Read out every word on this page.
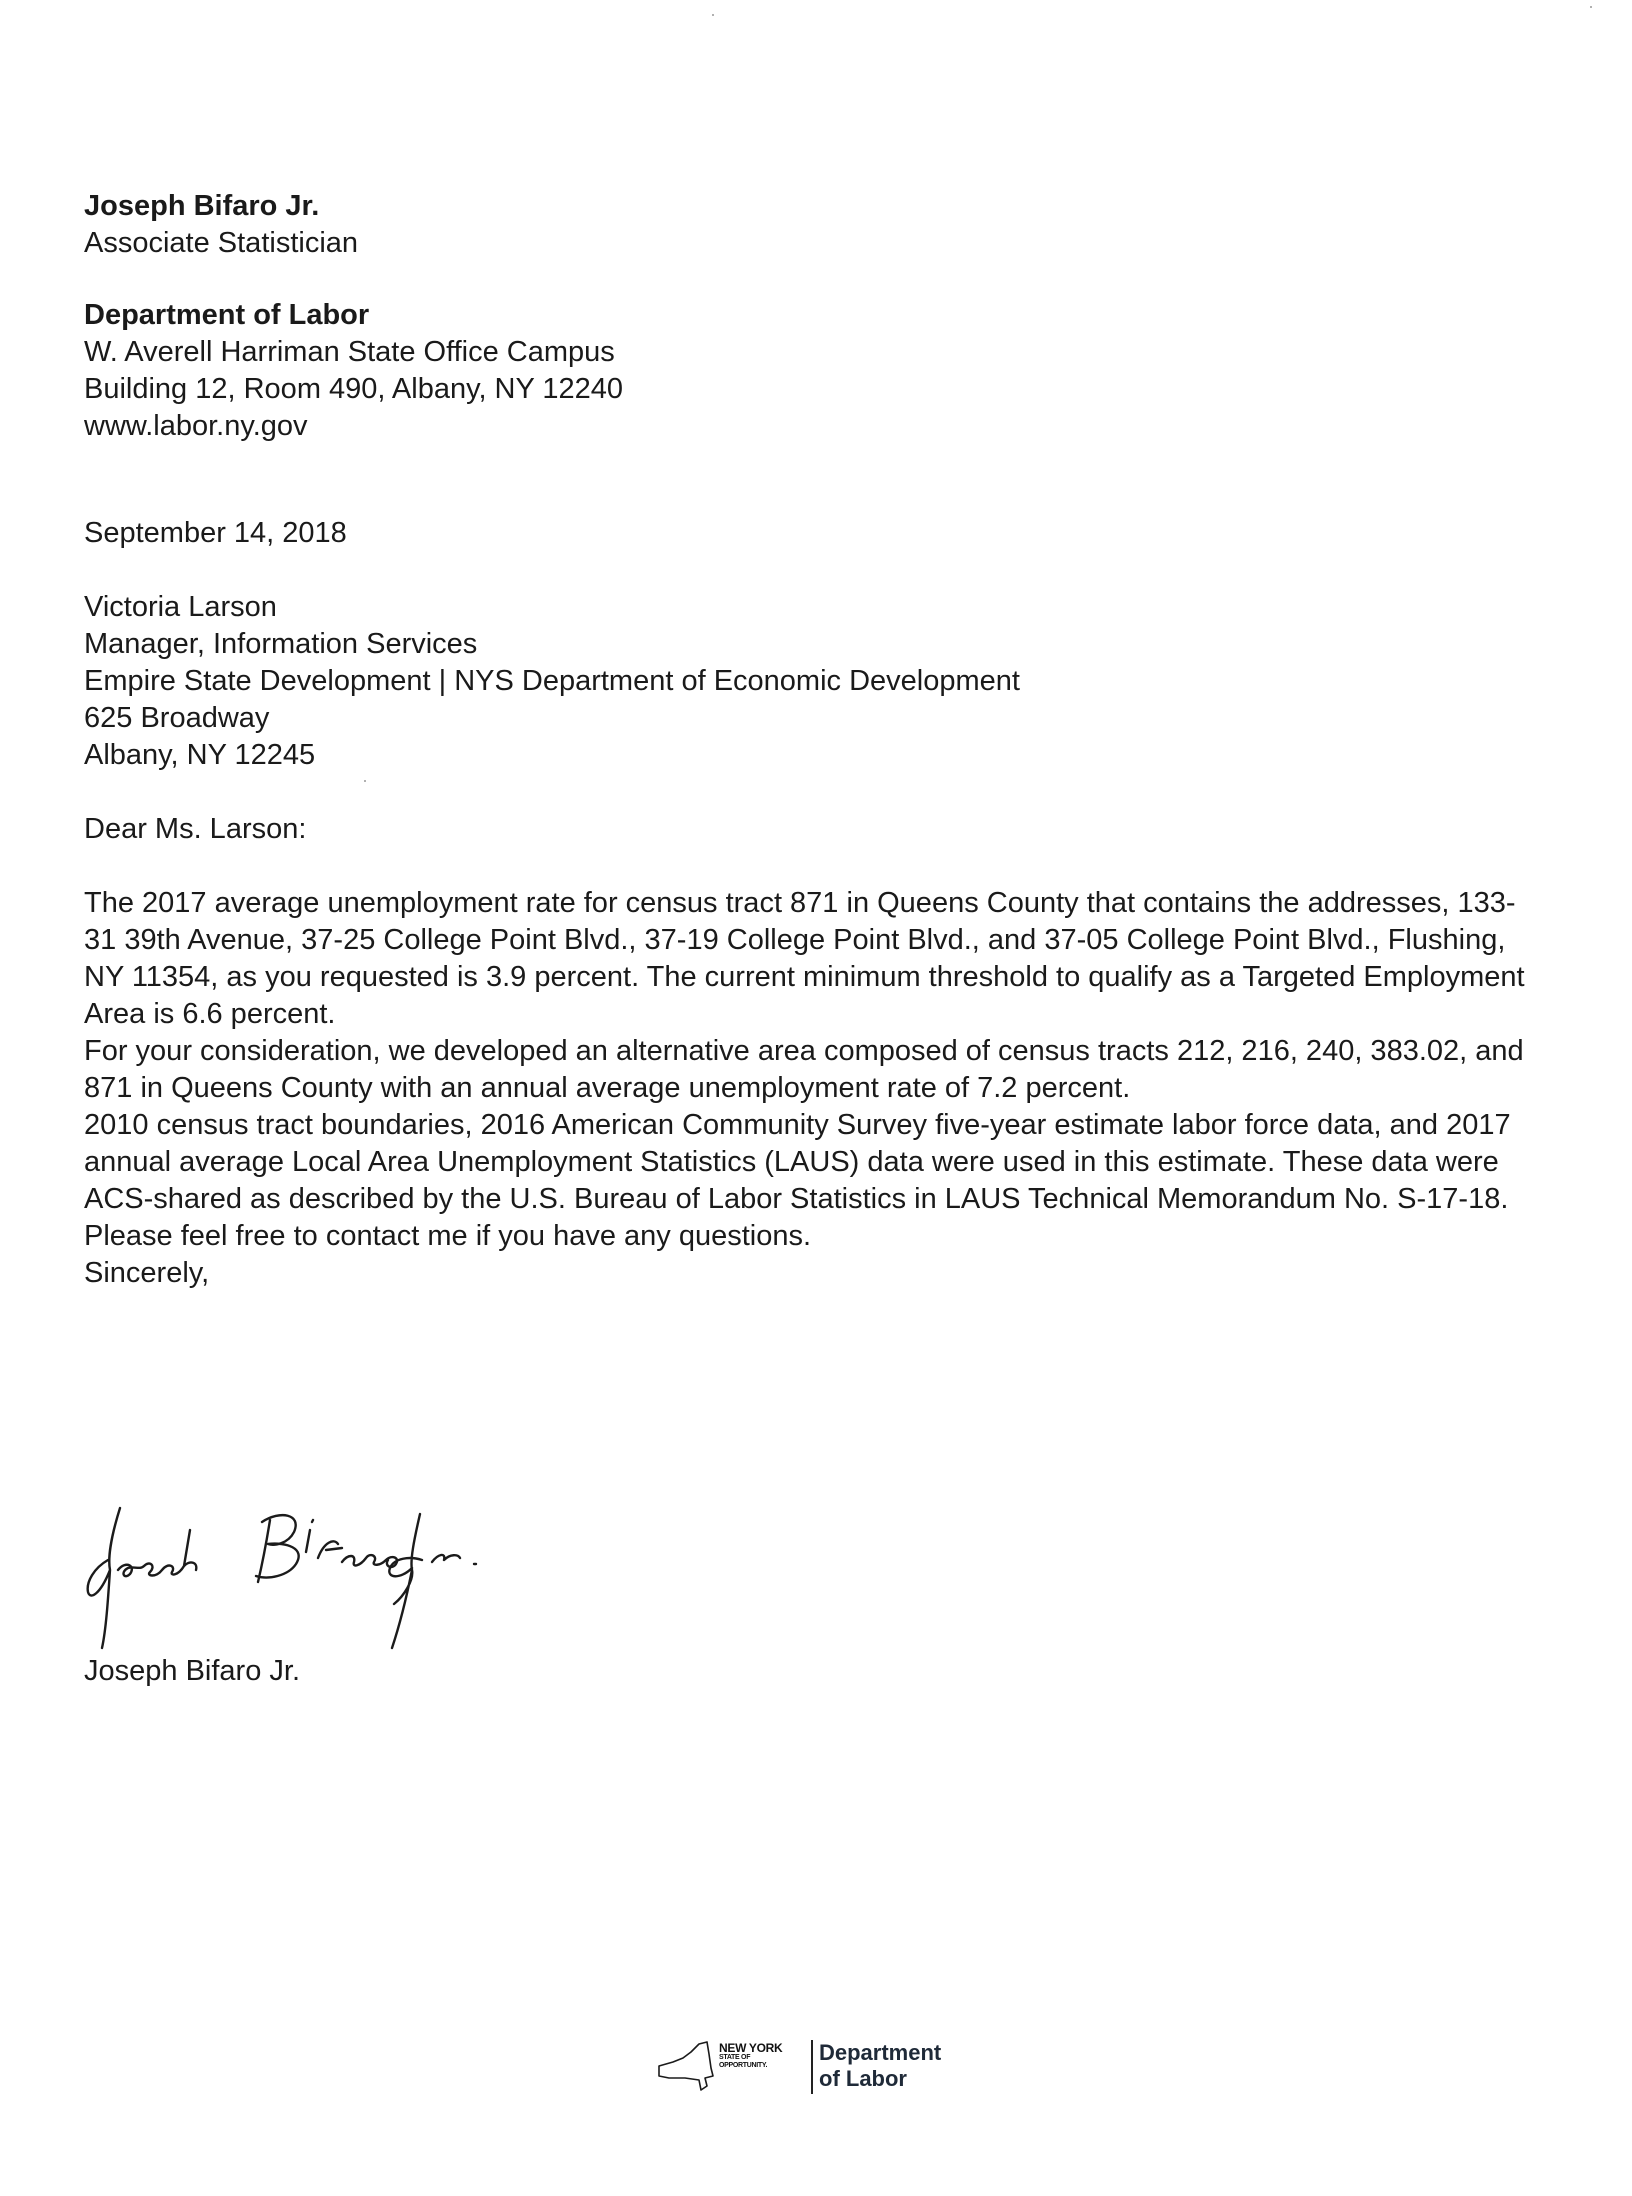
Joseph Bifaro Jr.

Associate Statistician

Department of Labor

W. Averell Harriman State Office Campus

Building 12, Room 490, Albany, NY 12240

www.labor.ny.gov

September 14, 2018

Victoria Larson

Manager, Information Services

Empire State Development | NYS Department of Economic Development

625 Broadway

Albany, NY 12245

Dear Ms. Larson:

The 2017 average unemployment rate for census tract 871 in Queens County that contains the addresses, 133-31 39th Avenue, 37-25 College Point Blvd., 37-19 College Point Blvd., and 37-05 College Point Blvd., Flushing, NY 11354, as you requested is 3.9 percent. The current minimum threshold to qualify as a Targeted Employment Area is 6.6 percent.

For your consideration, we developed an alternative area composed of census tracts 212, 216, 240, 383.02, and 871 in Queens County with an annual average unemployment rate of 7.2 percent.

2010 census tract boundaries, 2016 American Community Survey five-year estimate labor force data, and 2017 annual average Local Area Unemployment Statistics (LAUS) data were used in this estimate. These data were ACS-shared as described by the U.S. Bureau of Labor Statistics in LAUS Technical Memorandum No. S-17-18.

Please feel free to contact me if you have any questions.

Sincerely,

Joseph Bifaro Jr.

NEW YORK
STATE OF
OPPORTUNITY.
Department
of Labor
